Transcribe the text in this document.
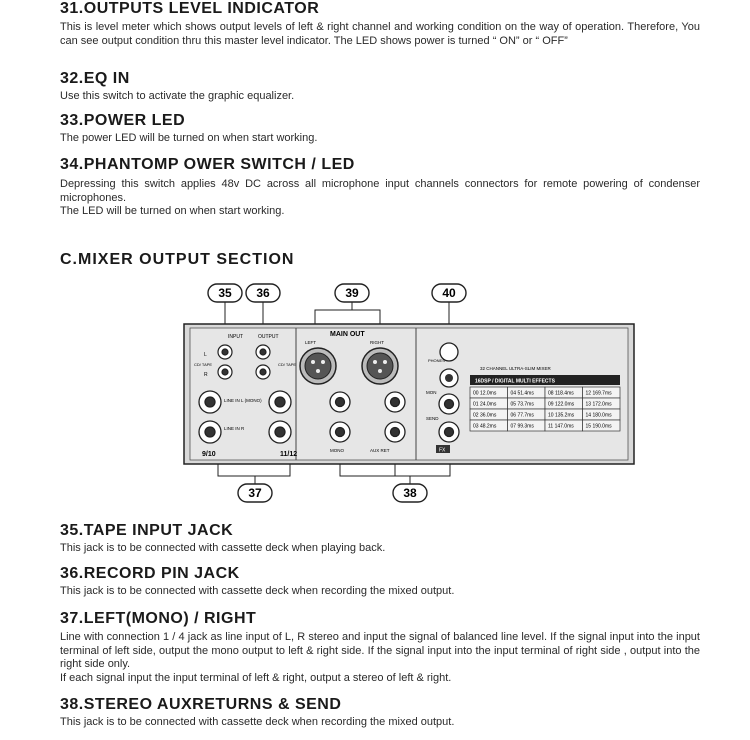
31.OUTPUTS LEVEL INDICATOR
This is level meter which shows output levels of left & right channel and working condition on the way of operation. Therefore, You can see output condition thru this master level indicator. The LED shows power is turned “ ON” or “ OFF”
32.EQ IN
Use this switch to activate the graphic equalizer.
33.POWER LED
The power LED will be turned on when start working.
34.PHANTOMP OWER SWITCH / LED
Depressing this switch applies 48v DC across all microphone input channels connectors for remote powering of condenser microphones.
The LED will be turned on when start working.
C.MIXER OUTPUT SECTION
35 36	39	40
37	38
INPUT	OUTPUT
L
R
CD/ TAPE	CD/ TAPE
MAIN OUT
LEFT	RIGHT
PHONES
LINE IN L (MONO)
LINE IN R
9/10	11/12
MONO	AUX RET	FX
MON
SEND
32 CHANNEL ULTRA-SLIM MIXER
16DSP / DIGITAL MULTI EFFECTS
00 12.0ms	04 51.4ms	08 118.4ms 12 169.7ms
01 24.0ms	05 73.7ms	09 122.0ms 13 172.0ms
02 36.0ms	06 77.7ms	10 135.2ms 14 180.0ms
03 48.2ms	07 99.3ms	11 147.0ms 15 190.0ms
35.TAPE INPUT JACK
This jack is to be connected with cassette deck when playing back.
36.RECORD PIN JACK
This jack is to be connected with cassette deck when recording the mixed output.
37.LEFT(MONO) / RIGHT
Line with connection 1 / 4 jack as line input of L, R stereo and input the signal of balanced line level. If the signal input into the input terminal of left side, output the mono output to left & right side. If the signal input into the input terminal of right side , output into the right side only.
If each signal input the input terminal of left & right, output a stereo of left & right.
38.STEREO AUXRETURNS & SEND
This jack is to be connected with cassette deck when recording the mixed output.
